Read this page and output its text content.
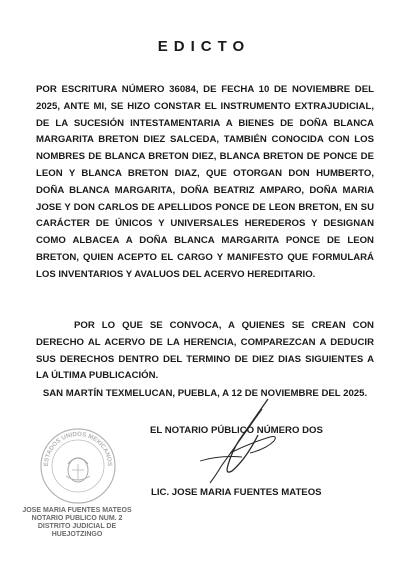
EDICTO
POR ESCRITURA NÚMERO 36084, DE FECHA 10 DE NOVIEMBRE DEL 2025, ANTE MI, SE HIZO CONSTAR EL INSTRUMENTO EXTRAJUDICIAL, DE LA SUCESIÓN INTESTAMENTARIA A BIENES DE DOÑA BLANCA MARGARITA BRETON DIEZ SALCEDA, TAMBIÉN CONOCIDA CON LOS NOMBRES DE BLANCA BRETON DIEZ, BLANCA BRETON DE PONCE DE LEON Y BLANCA BRETON DIAZ, QUE OTORGAN DON HUMBERTO, DOÑA BLANCA MARGARITA, DOÑA BEATRIZ AMPARO, DOÑA MARIA JOSE Y DON CARLOS DE APELLIDOS PONCE DE LEON BRETON, EN SU CARÁCTER DE ÚNICOS Y UNIVERSALES HEREDEROS Y DESIGNAN COMO ALBACEA A DOÑA BLANCA MARGARITA PONCE DE LEON BRETON, QUIEN ACEPTO EL CARGO Y MANIFESTO QUE FORMULARÁ LOS INVENTARIOS Y AVALUOS DEL ACERVO HEREDITARIO.
POR LO QUE SE CONVOCA, A QUIENES SE CREAN CON DERECHO AL ACERVO DE LA HERENCIA, COMPAREZCAN A DEDUCIR SUS DERECHOS DENTRO DEL TERMINO DE DIEZ DIAS SIGUIENTES A LA ÚLTIMA PUBLICACIÓN.
SAN MARTÍN TEXMELUCAN, PUEBLA, A 12 DE NOVIEMBRE DEL 2025.
ESTADOS UNIDOS MEXICANOS
JOSE MARIA FUENTES MATEOS
NOTARIO PUBLICO NUM. 2
DISTRITO JUDICIAL DE HUEJOTZINGO
EL NOTARIO PÚBLICO NÚMERO DOS
LIC. JOSE MARIA FUENTES MATEOS
